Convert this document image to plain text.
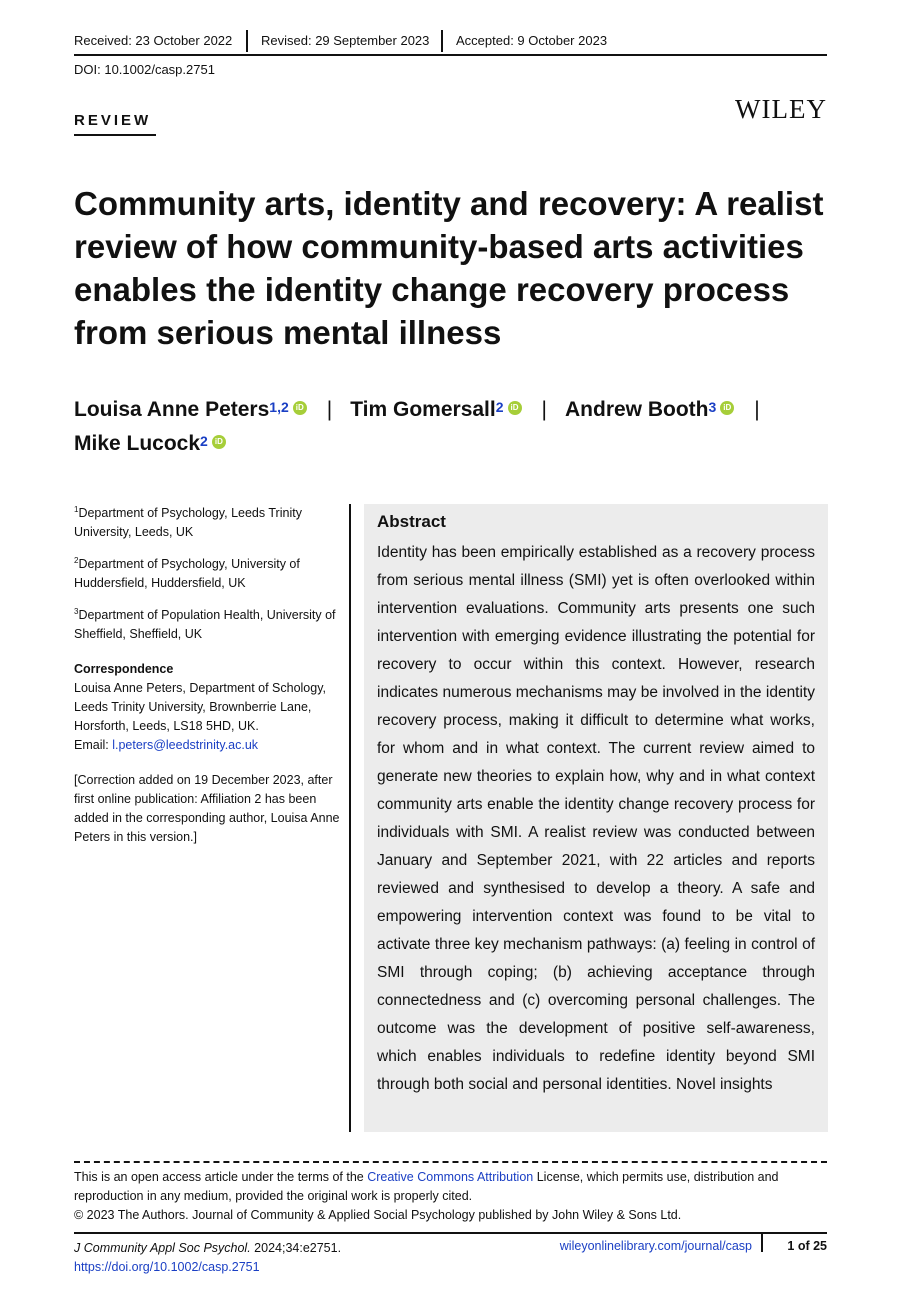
Received: 23 October 2022 Revised: 29 September 2023 Accepted: 9 October 2023
DOI: 10.1002/casp.2751
REVIEW	WILEY
Community arts, identity and recovery: A realist review of how community-based arts activities enables the identity change recovery process from serious mental illness
Louisa Anne Peters$^{1,2}$ iD | Tim Gomersall$^2$ iD | Andrew Booth$^3$ iD |
Mike Lucock$^2$ iD

$^1$Department of Psychology, Leeds Trinity University, Leeds, UK

$^2$Department of Psychology, University of Huddersfield, Huddersfield, UK

$^3$Department of Population Health, University of Sheffield, Sheffield, UK

Correspondence
Louisa Anne Peters, Department of Schology, Leeds Trinity University, Brownberrie Lane, Horsforth, Leeds, LS18 5HD, UK.
Email: l.peters@leedstrinity.ac.uk
[Correction added on 19 December 2023, after first online publication: Affiliation 2 has been added in the corresponding author, Louisa Anne Peters in this version.]
Abstract
Identity has been empirically established as a recovery process from serious mental illness (SMI) yet is often overlooked within intervention evaluations. Community arts presents one such intervention with emerging evidence illustrating the potential for recovery to occur within this context. However, research indicates numerous mechanisms may be involved in the identity recovery process, making it difficult to determine what works, for whom and in what context. The current review aimed to generate new theories to explain how, why and in what context community arts enable the identity change recovery process for individuals with SMI. A realist review was conducted between January and September 2021, with 22 articles and reports reviewed and synthesised to develop a theory. A safe and empowering intervention context was found to be vital to activate three key mechanism pathways: (a) feeling in control of SMI through coping; (b) achieving acceptance through connectedness and (c) overcoming personal challenges. The outcome was the development of positive self-awareness, which enables individuals to redefine identity beyond SMI through both social and personal identities. Novel insights
This is an open access article under the terms of the Creative Commons Attribution License, which permits use, distribution and reproduction in any medium, provided the original work is properly cited.
© 2023 The Authors. Journal of Community & Applied Social Psychology published by John Wiley & Sons Ltd.
J Community Appl Soc Psychol. 2024;34:e2751.
https://doi.org/10.1002/casp.2751
wileyonlinelibrary.com/journal/casp	1 of 25
